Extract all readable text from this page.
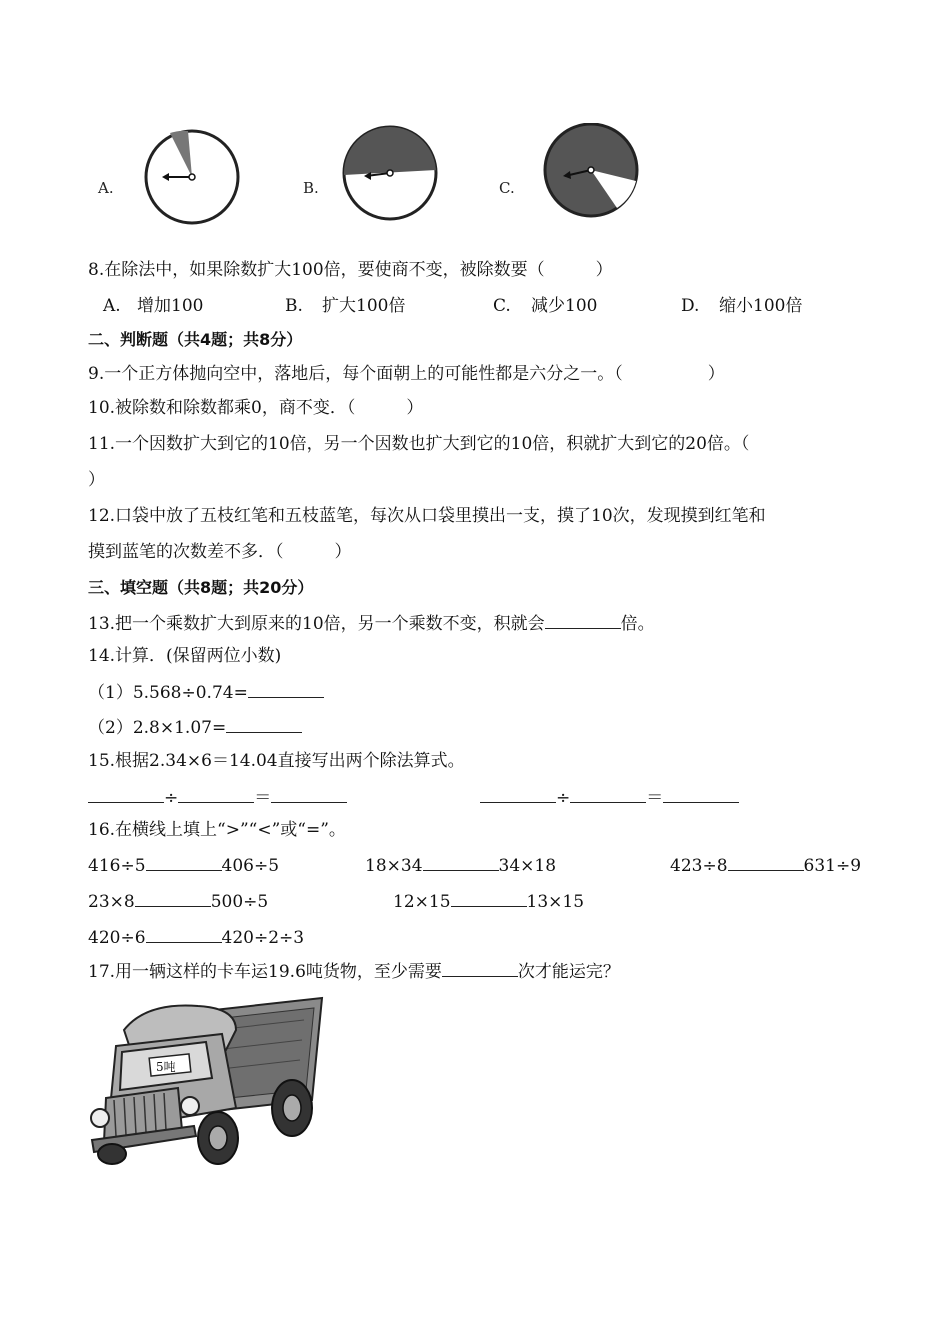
A.	B.	C.
8.在除法中，如果除数扩大100倍，要使商不变，被除数要（　　　）
A. 增加100	B. 扩大100倍	C. 减少100	D. 缩小100倍
二、判断题（共4题；共8分）
9.一个正方体抛向空中，落地后，每个面朝上的可能性都是六分之一。（　　　　　）
10.被除数和除数都乘0，商不变．（　　　）
11.一个因数扩大到它的10倍，另一个因数也扩大到它的10倍，积就扩大到它的20倍。（
）
12.口袋中放了五枝红笔和五枝蓝笔，每次从口袋里摸出一支，摸了10次，发现摸到红笔和
摸到蓝笔的次数差不多．（　　　）
三、填空题（共8题；共20分）
13.把一个乘数扩大到原来的10倍，另一个乘数不变，积就会	倍。
14.计算．(保留两位小数)
（1）5.568÷0.74=
（2）2.8×1.07=
15.根据2.34×6＝14.04直接写出两个除法算式。
÷	＝	÷	＝
16.在横线上填上“>”“<”或“=”。
416÷5	406÷5	18×34	34×18	423÷8	631÷9
23×8	500÷5	12×15	13×15
420÷6	420÷2÷3
17.用一辆这样的卡车运19.6吨货物，至少需要	次才能运完？
5吨
